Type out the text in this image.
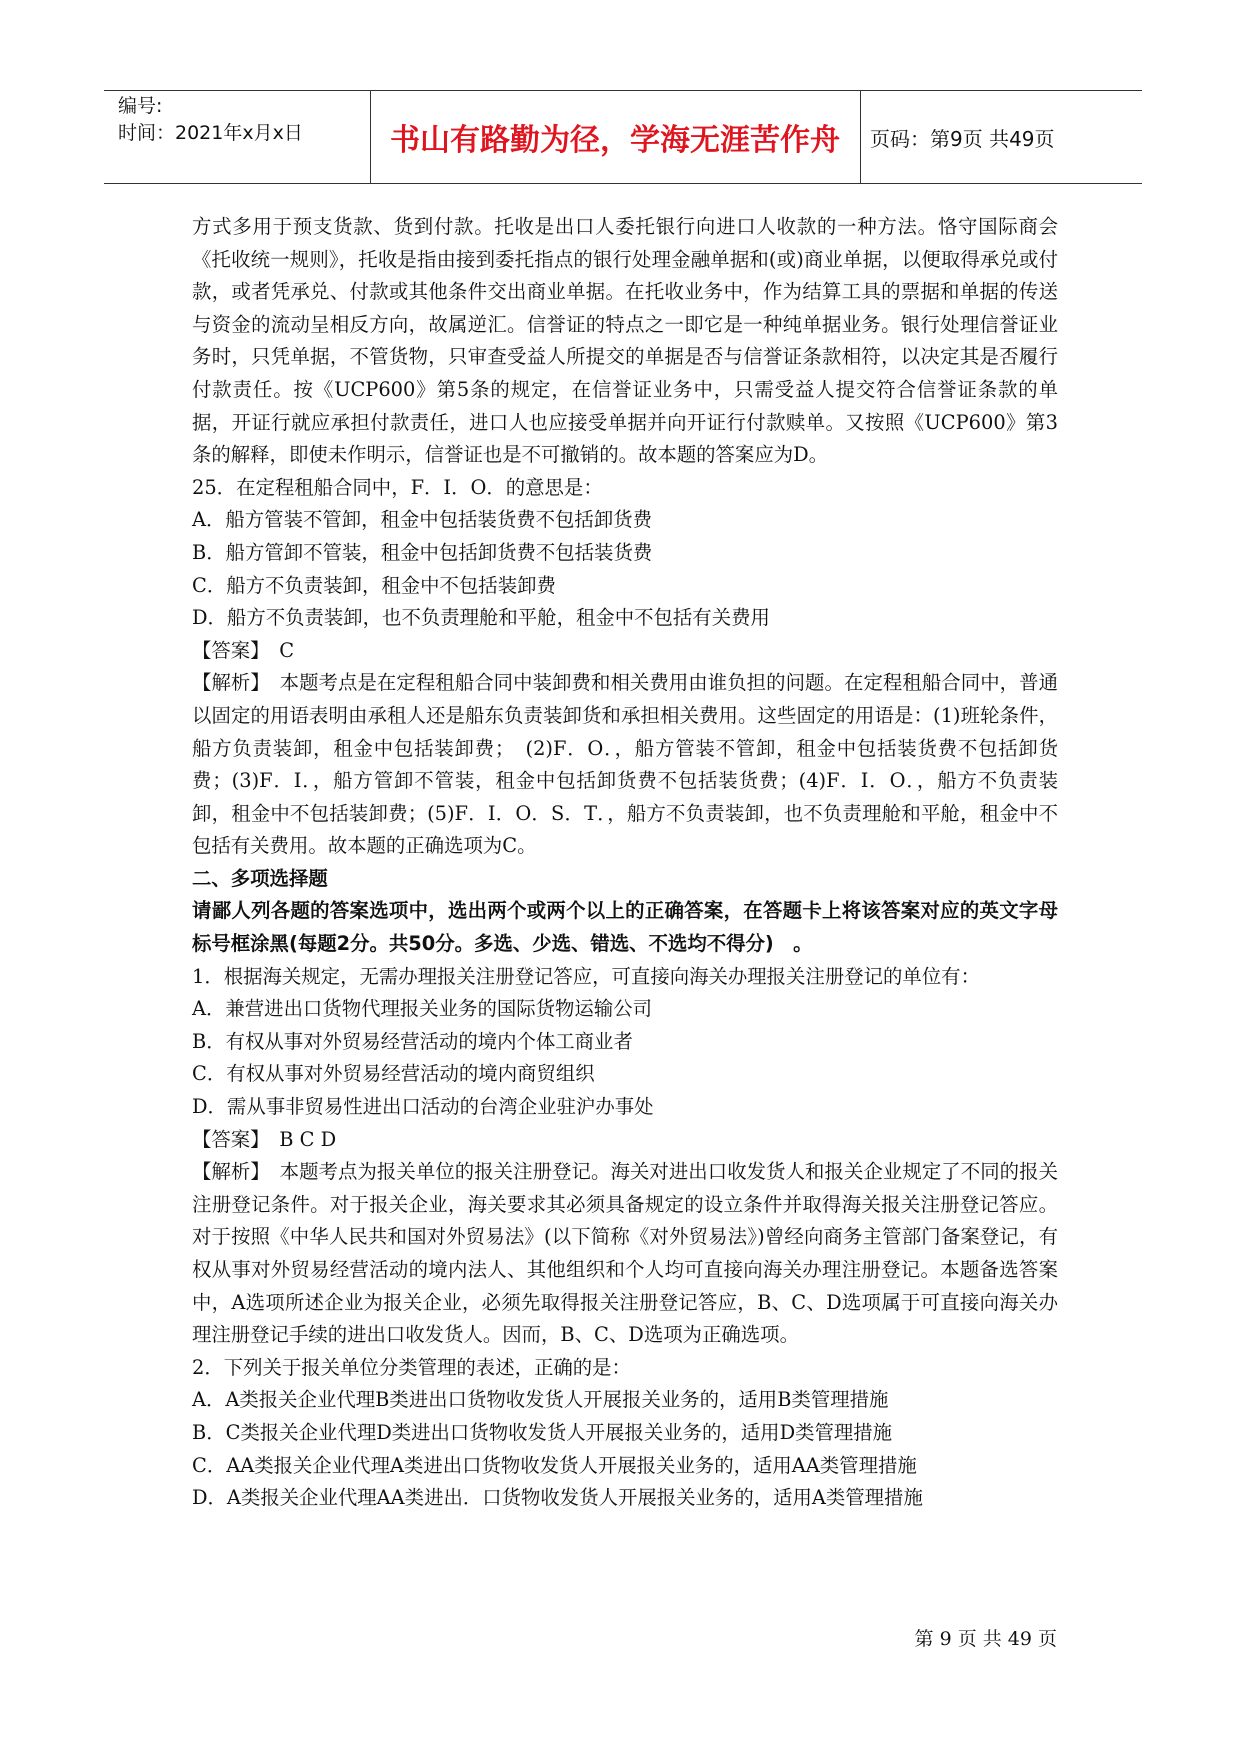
编号:
时间：2021年x月x日	书山有路勤为径，学海无涯苦作舟	页码：第9页 共49页

方式多用于预支货款、货到付款。托收是出口人委托银行向进口人收款的一种方法。恪守国际商会《托收统一规则》，托收是指由接到委托指点的银行处理金融单据和(或)商业单据，以便取得承兑或付款，或者凭承兑、付款或其他条件交出商业单据。在托收业务中，作为结算工具的票据和单据的传送与资金的流动呈相反方向，故属逆汇。信誉证的特点之一即它是一种纯单据业务。银行处理信誉证业务时，只凭单据，不管货物，只审查受益人所提交的单据是否与信誉证条款相符，以决定其是否履行付款责任。按《UCP600》第5条的规定，在信誉证业务中，只需受益人提交符合信誉证条款的单据，开证行就应承担付款责任，进口人也应接受单据并向开证行付款赎单。又按照《UCP600》第3条的解释，即使未作明示，信誉证也是不可撤销的。故本题的答案应为D。

25．在定程租船合同中，F．I．O．的意思是：

A．船方管装不管卸，租金中包括装货费不包括卸货费

B．船方管卸不管装，租金中包括卸货费不包括装货费

C．船方不负责装卸，租金中不包括装卸费

D．船方不负责装卸，也不负责理舱和平舱，租金中不包括有关费用

【答案】　C

【解析】　本题考点是在定程租船合同中装卸费和相关费用由谁负担的问题。在定程租船合同中，普通以固定的用语表明由承租人还是船东负责装卸货和承担相关费用。这些固定的用语是：(1)班轮条件，船方负责装卸，租金中包括装卸费；　(2)F．O．，船方管装不管卸，租金中包括装货费不包括卸货费；(3)F．I．，船方管卸不管装，租金中包括卸货费不包括装货费；(4)F．I．O．，船方不负责装卸，租金中不包括装卸费；(5)F．I．O．S．T．，船方不负责装卸，也不负责理舱和平舱，租金中不包括有关费用。故本题的正确选项为C。

二、多项选择题

请鄙人列各题的答案选项中，选出两个或两个以上的正确答案，在答题卡上将该答案对应的英文字母标号框涂黑(每题2分。共50分。多选、少选、错选、不选均不得分)　。

1．根据海关规定，无需办理报关注册登记答应，可直接向海关办理报关注册登记的单位有：

A．兼营进出口货物代理报关业务的国际货物运输公司

B．有权从事对外贸易经营活动的境内个体工商业者

C．有权从事对外贸易经营活动的境内商贸组织

D．需从事非贸易性进出口活动的台湾企业驻沪办事处

【答案】　B C D

【解析】　本题考点为报关单位的报关注册登记。海关对进出口收发货人和报关企业规定了不同的报关注册登记条件。对于报关企业，海关要求其必须具备规定的设立条件并取得海关报关注册登记答应。对于按照《中华人民共和国对外贸易法》(以下简称《对外贸易法》)曾经向商务主管部门备案登记，有权从事对外贸易经营活动的境内法人、其他组织和个人均可直接向海关办理注册登记。本题备选答案中，A选项所述企业为报关企业，必须先取得报关注册登记答应，B、C、D选项属于可直接向海关办理注册登记手续的进出口收发货人。因而，B、C、D选项为正确选项。

2．下列关于报关单位分类管理的表述，正确的是：

A．A类报关企业代理B类进出口货物收发货人开展报关业务的，适用B类管理措施

B．C类报关企业代理D类进出口货物收发货人开展报关业务的，适用D类管理措施

C．AA类报关企业代理A类进出口货物收发货人开展报关业务的，适用AA类管理措施

D．A类报关企业代理AA类进出．口货物收发货人开展报关业务的，适用A类管理措施

第 9 页 共 49 页
